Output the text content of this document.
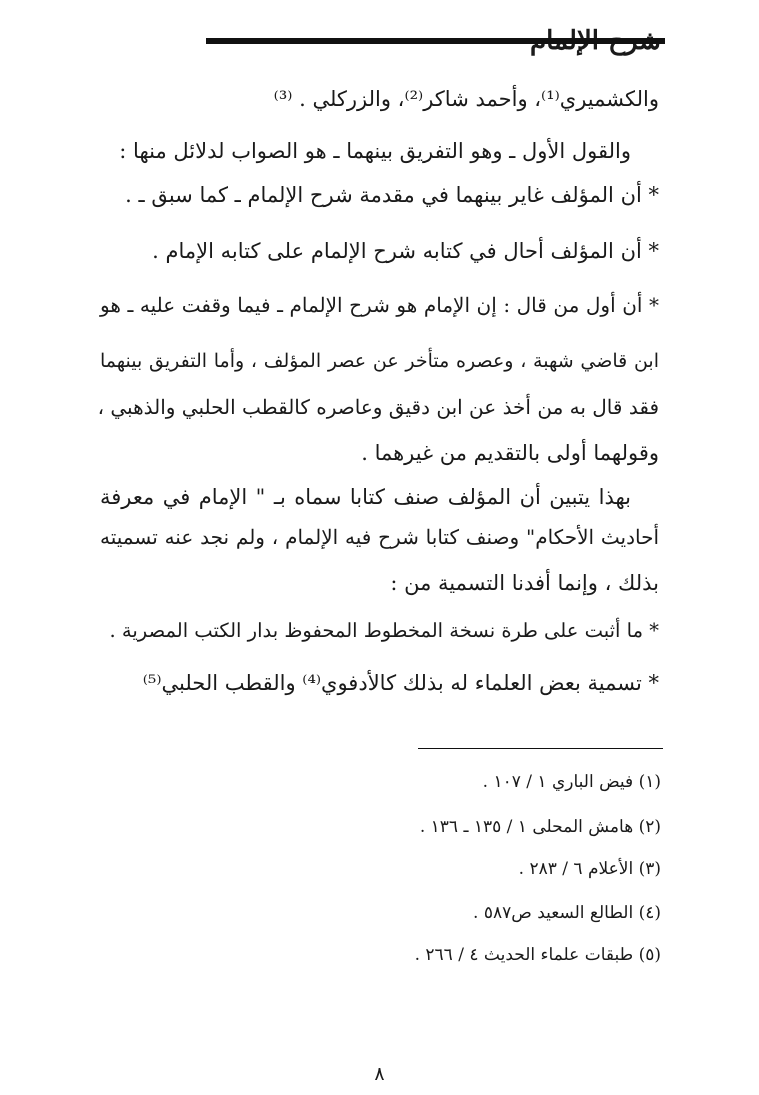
والكشميري⁽¹⁾، وأحمد شاكر⁽²⁾، والزركلي . ⁽³⁾
والقول الأول ـ وهو التفريق بينهما ـ هو الصواب لدلائل منها :
* أن المؤلف غاير بينهما في مقدمة شرح الإلمام ـ كما سبق ـ .
* أن المؤلف أحال في كتابه شرح الإلمام على كتابه الإمام .
* أن أول من قال : إن الإمام هو شرح الإلمام ـ فيما وقفت عليه ـ هو
ابن قاضي شهبة ، وعصره متأخر عن عصر المؤلف ، وأما التفريق بينهما
فقد قال به من أخذ عن ابن دقيق وعاصره كالقطب الحلبي والذهبي ،
وقولهما أولى بالتقديم من غيرهما .
بهذا يتبين أن المؤلف صنف كتابا سماه بـ " الإمام في معرفة
أحاديث الأحكام" وصنف كتابا شرح فيه الإلمام ، ولم نجد عنه تسميته
بذلك ، وإنما أفدنا التسمية من :
* ما أثبت على طرة نسخة المخطوط المحفوظ بدار الكتب المصرية .
* تسمية بعض العلماء له بذلك كالأدفوي⁽⁴⁾ والقطب الحلبي⁽⁵⁾
(١) فيض الباري ١ / ١٠٧ .
(٢) هامش المحلى ١ / ١٣٥ ـ ١٣٦ .
(٣) الأعلام ٦ / ٢٨٣ .
(٤) الطالع السعيد ص٥٨٧ .
(٥) طبقات علماء الحديث ٤ / ٢٦٦ .
٨
